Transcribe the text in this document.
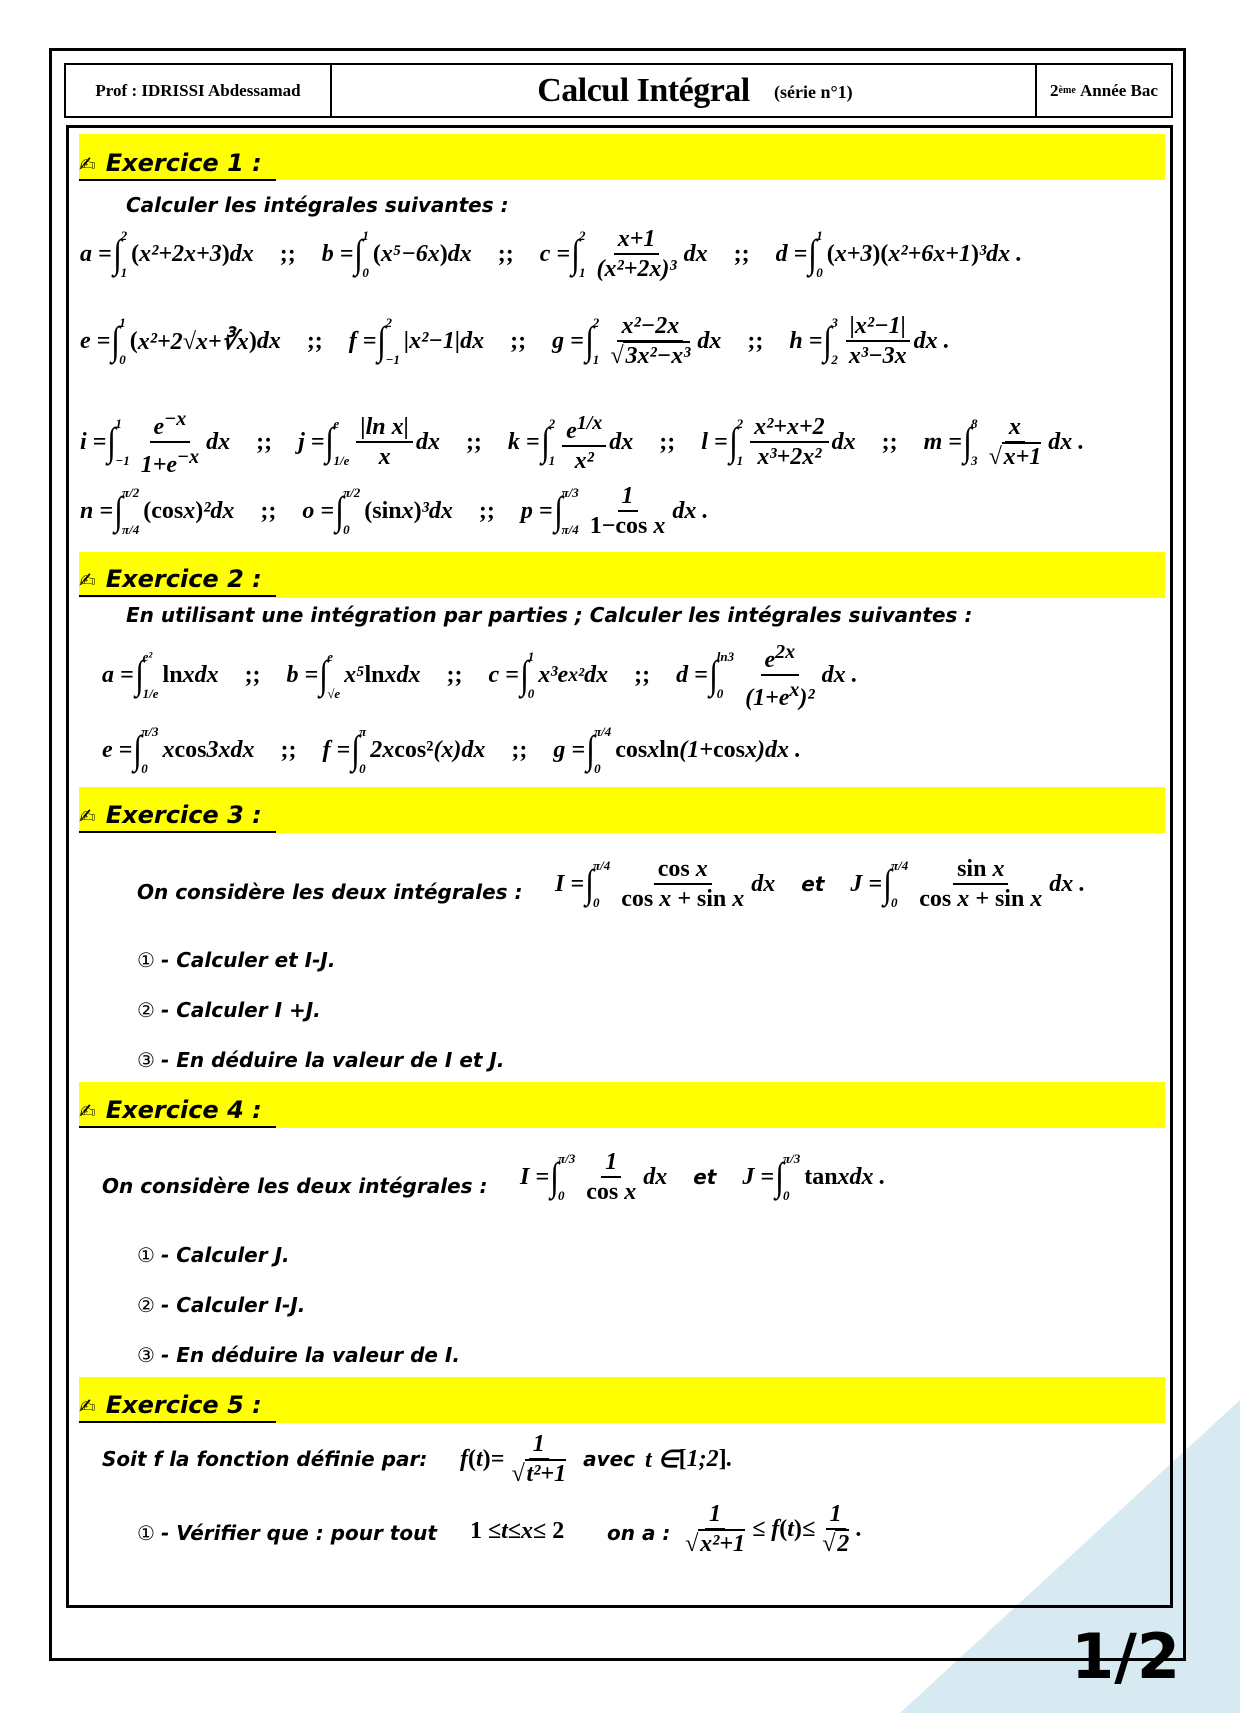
Prof : IDRISSI Abdessamad	Calcul Intégral (série n°1)	2 ème
Année Bac
✍ Exercice 1 :
Calculer les intégrales suivantes :
a = ∫ 2
1
( x²+2x+3 ) dx ;; b = ∫ 1
0
( x⁵−6x ) dx ;; c = ∫ 2
$1 \frac{x+1}{\text{(x²+2x)³}}$ dx ;; d = ∫ 1
0
( x+3 )( x²+6x+1 ) ³dx .
e = ∫ 1
0
( x²+2√x+∛x ) dx ;; f = ∫ 2
−1
|x²−1|dx ;; g = ∫ 2
$1 \frac{\text{x²−2x}}{\text{√3x²−x³}}$ dx ;; h = ∫ 3
$2 \frac{\text{|x²−1|}}{\text{x³−3x}}$ dx .
i = ∫ 1
$-1 \frac{e^{-x}}{1+e^{-x}}$ dx ;; j = ∫ e
$1/e \frac{\text{|ln x|}}{x}$ dx ;; k = ∫ 2
$1 \frac{e^{1/x}}{\text{x²}}$ dx ;; l = ∫ 2
$1 \frac{\text{x²+x+2}}{\text{x³+2x²}}$ dx ;; m = ∫ 8
$3 \frac{x}{√x+1}$ dx .
n = ∫ π/2
π/4
( cos x ) ²dx ;; o = ∫ π/2
0
( sin x ) ³dx ;; p = ∫ π/3
$\pi/4 \frac{1}{\text{1−cos x}}$ dx .
✍ Exercice 2 :
En utilisant une intégration par parties ; Calculer les intégrales suivantes :
a = ∫ e²
1/e
ln xdx ;; b = ∫ e
√e
x⁵ ln xdx ;; c = ∫ 1
0
x³e x² dx ;; d = ∫ ln3
$0 \frac{e^{2x}}{(1+e^x)^2}$ dx .
e = ∫ π/3
0
x cos 3xdx ;; f = ∫ π
0
2x cos² (x)dx ;; g = ∫ π/4
0
cos x ln (1+ cos x)dx .
✍ Exercice 3 :
On considère les deux intégrales : I = ∫ π/4
$0 \frac{\text{cos x}}{\text{cos x + sin x}}$ dx et J = ∫ π/4
$0 \frac{\text{sin x}}{\text{cos x + sin x}}$ dx .
① - Calculer et I-J.
② - Calculer I +J.
③ - En déduire la valeur de I et J.
✍ Exercice 4 :
On considère les deux intégrales : I = ∫ π/3
$0 \frac{1}{\text{cos x}}$ dx et J = ∫ π/3
0
tan xdx .
① - Calculer J.
② - Calculer I-J.
③ - En déduire la valeur de I.
✍ Exercice 5 :
Soit f la fonction définie par: f ( t ) = $\frac{1}{\text{√t²+1}}$ avec t ∈ [ 1;2 ] .
① - Vérifier que : pour tout 1 ≤ t ≤ x ≤ 2 on a : $\frac{1}{\text{√x²+1}} \le f$ ( t ) ≤ $\frac{1}{√2}$ .
1/2
